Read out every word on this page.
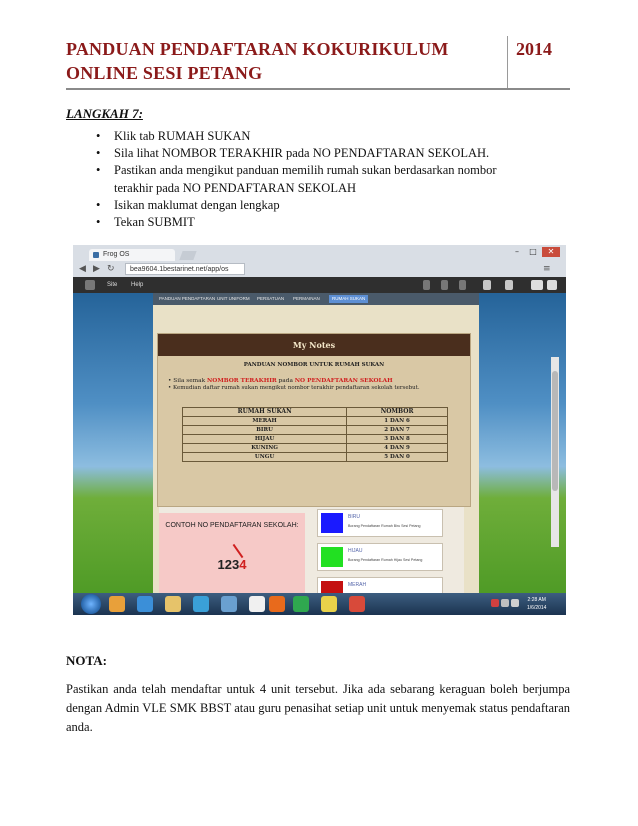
PANDUAN PENDAFTARAN KOKURIKULUM ONLINE SESI PETANG
2014
LANGKAH 7:
• Klik tab RUMAH SUKAN
• Sila lihat NOMBOR TERAKHIR pada NO PENDAFTARAN SEKOLAH.
• Pastikan anda mengikut panduan memilih rumah sukan berdasarkan nombor terakhir pada NO PENDAFTARAN SEKOLAH
• Isikan maklumat dengan lengkap
• Tekan SUBMIT
Frog OS	–	□	✕
◀ ▶ ↻	bea9604.1bestarinet.net/app/os	≡
Site Help
PANDUAN PENDAFTARAN UNIT UNIFORM PERSATUAN PERMAINAN	RUMAH SUKAN
My Notes
PANDUAN NOMBOR UNTUK RUMAH SUKAN
• Sila semak NOMBOR TERAKHIR pada NO PENDAFTARAN SEKOLAH
• Kemudian daftar rumah sukan mengikut nombor terakhir pendaftaran sekolah tersebut.
RUMAH SUKAN	NOMBOR
MERAH	1 DAN 6
BIRU	2 DAN 7
HIJAU	3 DAN 8
KUNING	4 DAN 9
UNGU	5 DAN 0
CONTOH NO PENDAFTARAN SEKOLAH:
1234
BIRU
Borang Pendaftaran Rumah Biru Sesi Petang
HIJAU
Borang Pendaftaran Rumah Hijau Sesi Petang
MERAH
2:28 AM
1/6/2014
NOTA:
Pastikan anda telah mendaftar untuk 4 unit tersebut. Jika ada sebarang keraguan boleh berjumpa dengan Admin VLE SMK BBST atau guru penasihat setiap unit untuk menyemak status pendaftaran anda.
